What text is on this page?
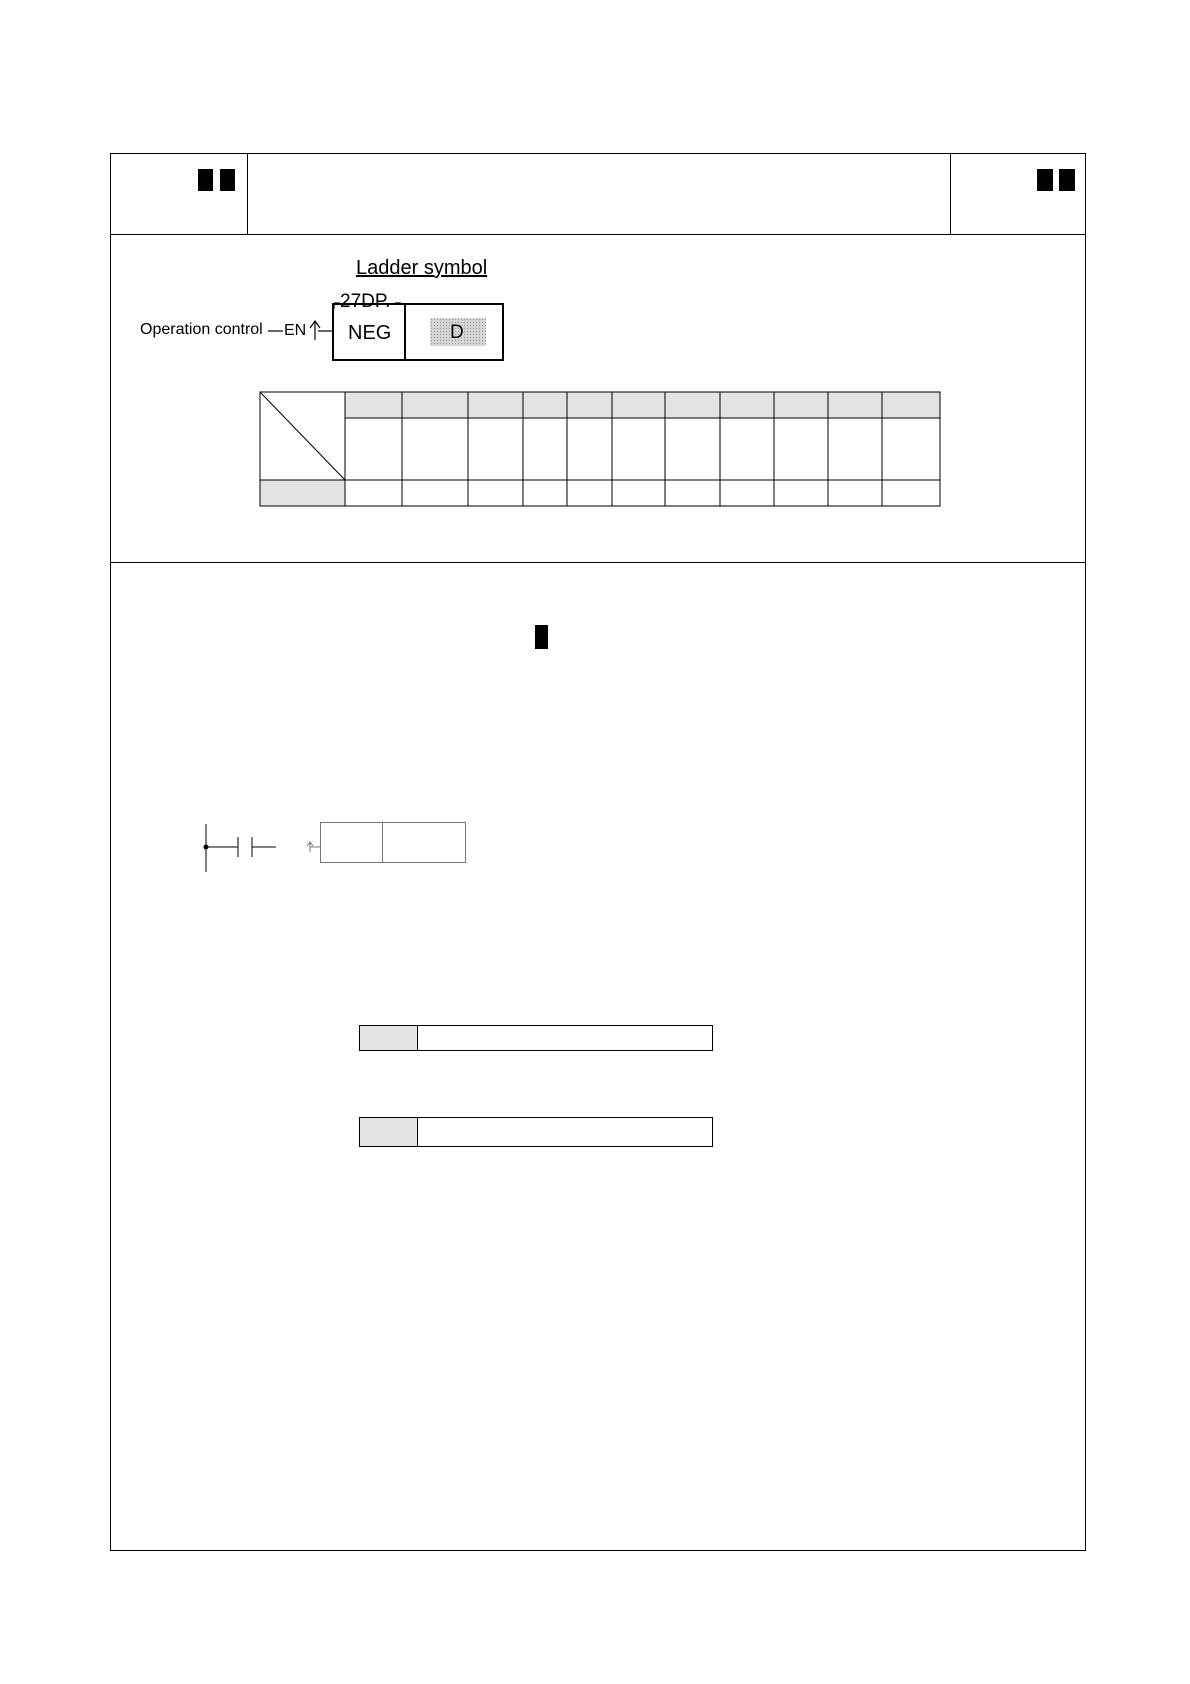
Ladder symbol
Operation control EN
27DP.
NEG	D
